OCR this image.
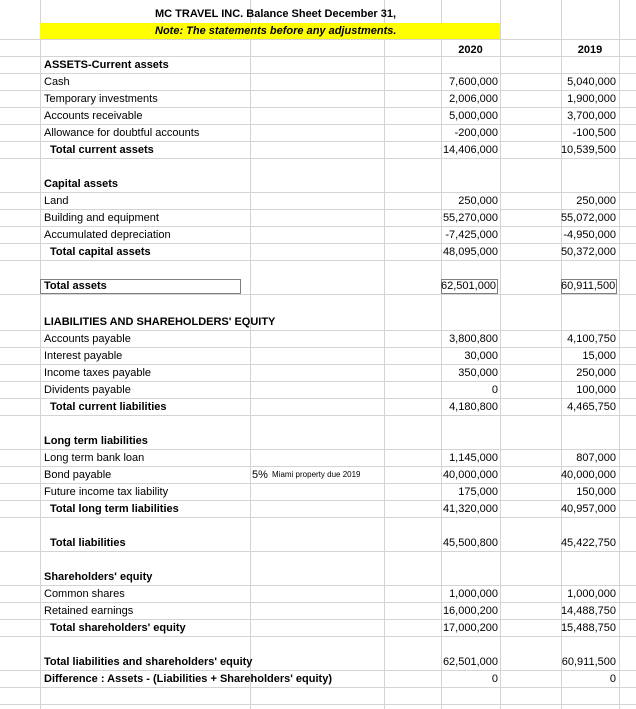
MC TRAVEL INC. Balance Sheet December 31,
Note: The statements before any adjustments.
2020	2019
ASSETS-Current assets
Cash	7,600,000	5,040,000
Temporary investments	2,006,000	1,900,000
Accounts receivable	5,000,000	3,700,000
Allowance for doubtful accounts	-200,000	-100,500
Total current assets	14,406,000	10,539,500
Capital assets
Land	250,000	250,000
Building and equipment	55,270,000	55,072,000
Accumulated depreciation	-7,425,000	-4,950,000
Total capital assets	48,095,000	50,372,000
Total assets	62,501,000	60,911,500
LIABILITIES AND SHAREHOLDERS' EQUITY
Accounts payable	3,800,800	4,100,750
Interest payable	30,000	15,000
Income taxes payable	350,000	250,000
Dividents payable	0	100,000
Total current liabilities	4,180,800	4,465,750
Long term liabilities
Long term bank loan	1,145,000	807,000
Bond payable	5% Miami property due 2019	40,000,000	40,000,000
Future income tax liability	175,000	150,000
Total long term liabilities	41,320,000	40,957,000
Total liabilities	45,500,800	45,422,750
Shareholders' equity
Common shares	1,000,000	1,000,000
Retained earnings	16,000,200	14,488,750
Total shareholders' equity	17,000,200	15,488,750
Total liabilities and shareholders' equity	62,501,000	60,911,500
Difference : Assets - (Liabilities + Shareholders' equity)	0	0
